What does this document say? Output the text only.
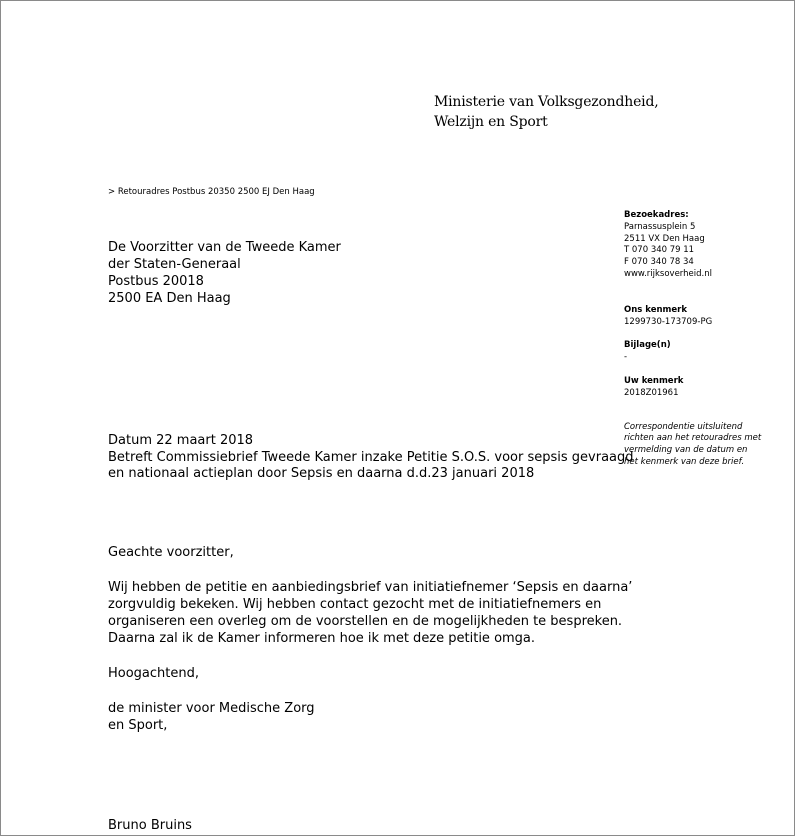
Ministerie van Volksgezondheid,
Welzijn en Sport
> Retouradres Postbus 20350 2500 EJ Den Haag
De Voorzitter van de Tweede Kamer
der Staten-Generaal
Postbus 20018
2500 EA Den Haag
Bezoekadres:
Parnassusplein 5
2511 VX Den Haag
T 070 340 79 11
F 070 340 78 34
www.rijksoverheid.nl
Ons kenmerk
1299730-173709-PG
Bijlage(n)
-
Uw kenmerk
2018Z01961
Correspondentie uitsluitend richten aan het retouradres met vermelding van de datum en het kenmerk van deze brief.
Datum 22 maart 2018
Betreft Commissiebrief Tweede Kamer inzake Petitie S.O.S. voor sepsis gevraagd
en nationaal actieplan door Sepsis en daarna d.d.23 januari 2018

Geachte voorzitter,

Wij hebben de petitie en aanbiedingsbrief van initiatiefnemer ‘Sepsis en daarna’
zorgvuldig bekeken. Wij hebben contact gezocht met de initiatiefnemers en
organiseren een overleg om de voorstellen en de mogelijkheden te bespreken.
Daarna zal ik de Kamer informeren hoe ik met deze petitie omga.

Hoogachtend,

de minister voor Medische Zorg
en Sport,

Bruno Bruins
